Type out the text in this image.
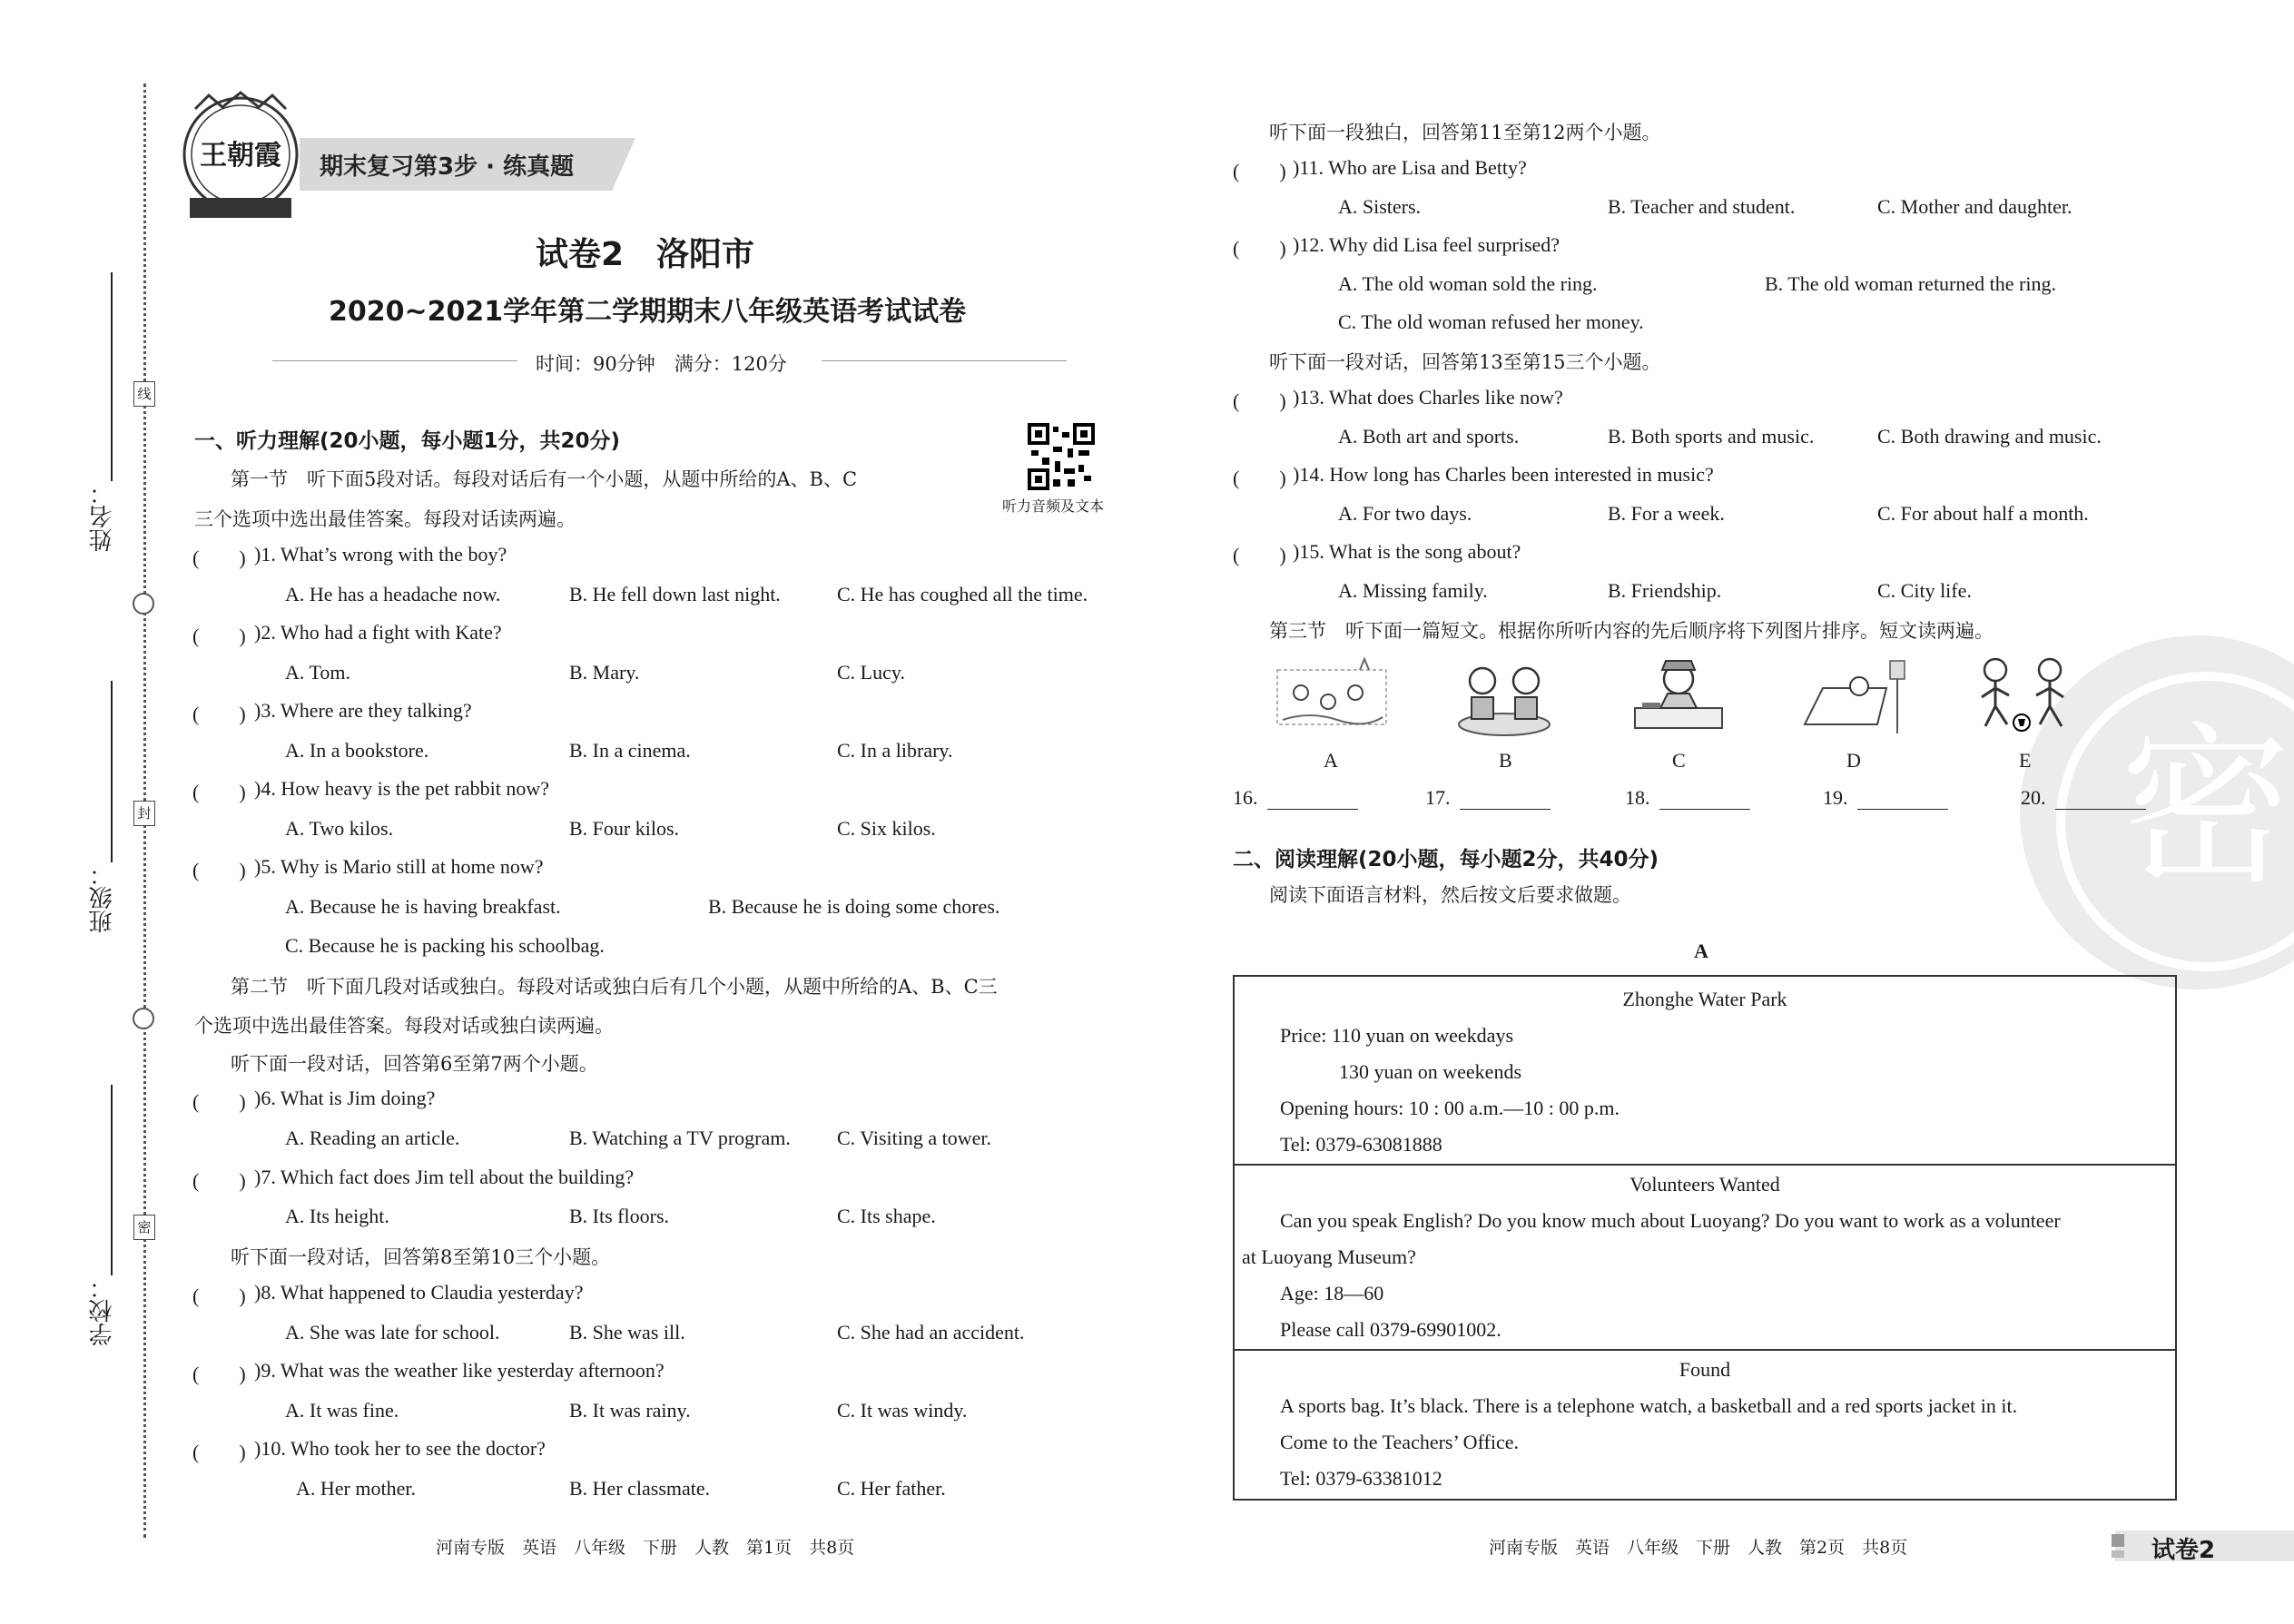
姓名：
班级：
学校：
线
封
密
王朝霞	期末复习第3步 · 练真题
试卷2　洛阳市
2020~2021学年第二学期期末八年级英语考试试卷
时间：90分钟　满分：120分
听力音频及文本
一、听力理解(20小题，每小题1分，共20分)
第一节　听下面5段对话。每段对话后有一个小题，从题中所给的A、B、C
三个选项中选出最佳答案。每段对话读两遍。
(　　) )1. What’s wrong with the boy?
A. He has a headache now.	B. He fell down last night.	C. He has coughed all the time.
(　　) )2. Who had a fight with Kate?
A. Tom.	B. Mary.	C. Lucy.
(　　) )3. Where are they talking?
A. In a bookstore.	B. In a cinema.	C. In a library.
(　　) )4. How heavy is the pet rabbit now?
A. Two kilos.	B. Four kilos.	C. Six kilos.
(　　) )5. Why is Mario still at home now?
A. Because he is having breakfast.	B. Because he is doing some chores.
C. Because he is packing his schoolbag.
第二节　听下面几段对话或独白。每段对话或独白后有几个小题，从题中所给的A、B、C三
个选项中选出最佳答案。每段对话或独白读两遍。
听下面一段对话，回答第6至第7两个小题。
(　　) )6. What is Jim doing?
A. Reading an article.	B. Watching a TV program. C. Visiting a tower.
(　　) )7. Which fact does Jim tell about the building?
A. Its height.	B. Its floors.	C. Its shape.
听下面一段对话，回答第8至第10三个小题。
(　　) )8. What happened to Claudia yesterday?
A. She was late for school.	B. She was ill.	C. She had an accident.
(　　) )9. What was the weather like yesterday afternoon?
A. It was fine.	B. It was rainy.	C. It was windy.
(　　) )10. Who took her to see the doctor?
A. Her mother.	B. Her classmate.	C. Her father.
河南专版　英语　八年级　下册　人教　第1页　共8页
密
听下面一段独白，回答第11至第12两个小题。
(　　) )11. Who are Lisa and Betty?
A. Sisters.	B. Teacher and student.	C. Mother and daughter.
(　　) )12. Why did Lisa feel surprised?
A. The old woman sold the ring.	B. The old woman returned the ring.
C. The old woman refused her money.
听下面一段对话，回答第13至第15三个小题。
(　　) )13. What does Charles like now?
A. Both art and sports.	B. Both sports and music.	C. Both drawing and music.
(　　) )14. How long has Charles been interested in music?
A. For two days.	B. For a week.	C. For about half a month.
(　　) )15. What is the song about?
A. Missing family.	B. Friendship.	C. City life.
第三节　听下面一篇短文。根据你所听内容的先后顺序将下列图片排序。短文读两遍。
A	B	C	D	E
16.	17.	18.	19.	20.
二、阅读理解(20小题，每小题2分，共40分)
阅读下面语言材料，然后按文后要求做题。
A
Zhonghe Water Park
Price: 110 yuan on weekdays
130 yuan on weekends
Opening hours: 10 : 00 a.m.—10 : 00 p.m.
Tel: 0379-63081888
Volunteers Wanted
Can you speak English? Do you know much about Luoyang? Do you want to work as a volunteer
at Luoyang Museum?
Age: 18—60
Please call 0379-69901002.
Found
A sports bag. It’s black. There is a telephone watch, a basketball and a red sports jacket in it.
Come to the Teachers’ Office.
Tel: 0379-63381012
河南专版　英语　八年级　下册　人教　第2页　共8页	试卷2
